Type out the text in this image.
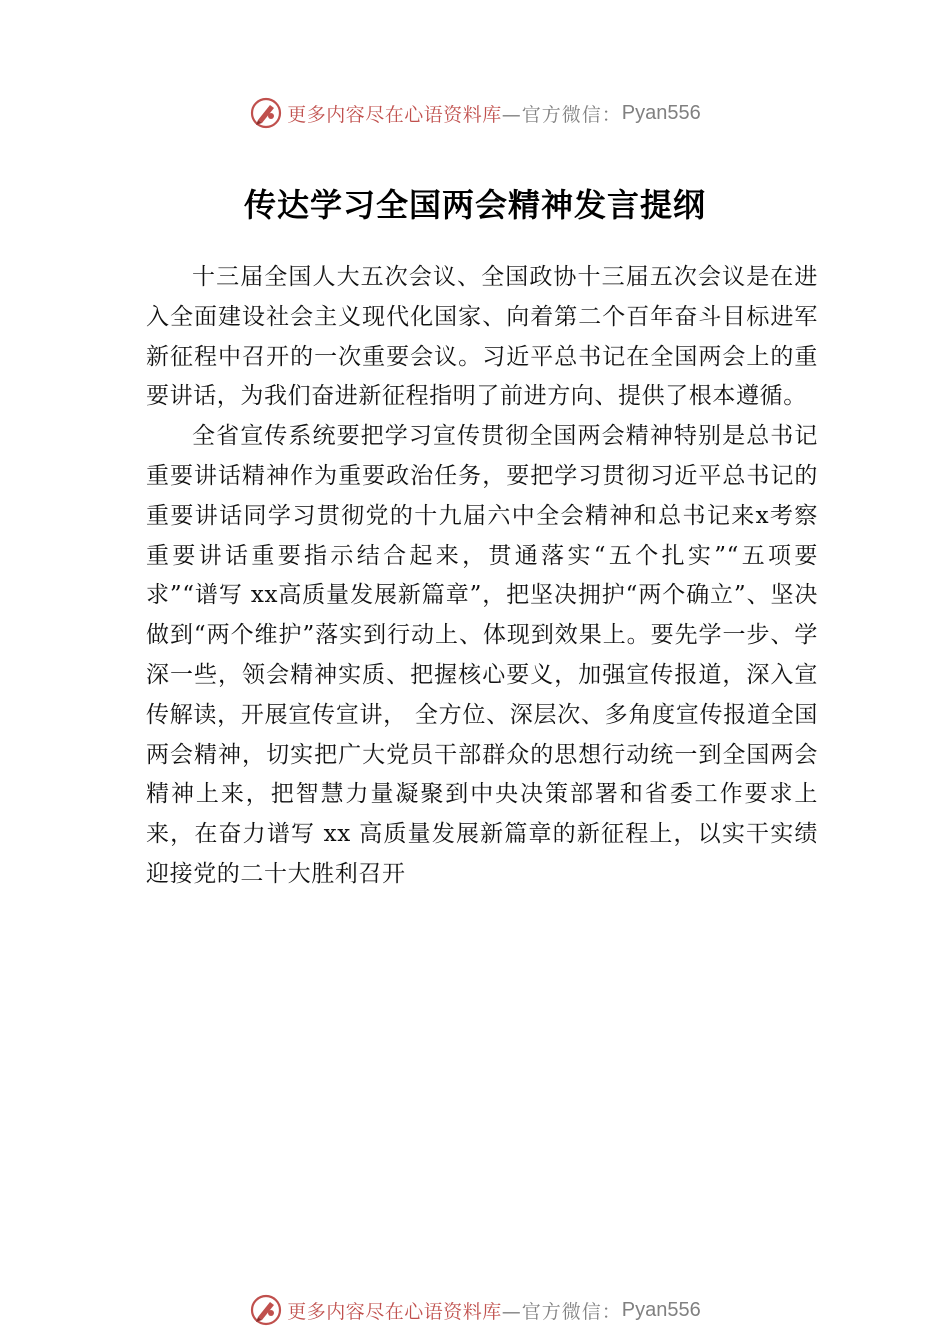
更多内容尽在心语资料库 —官方微信： Pyan556
传达学习全国两会精神发言提纲

十三届全国人大五次会议、全国政协十三届五次会议是在进入全面建设社会主义现代化国家、向着第二个百年奋斗目标进军新征程中召开的一次重要会议。习近平总书记在全国两会上的重要讲话，为我们奋进新征程指明了前进方向、提供了根本遵循。

全省宣传系统要把学习宣传贯彻全国两会精神特别是总书记重要讲话精神作为重要政治任务，要把学习贯彻习近平总书记的重要讲话同学习贯彻党的十九届六中全会精神和总书记来x考察重要讲话重要指示结合起来，贯通落实“五个扎实”“五项要求”“谱写 xx高质量发展新篇章”，把坚决拥护“两个确立”、坚决做到“两个维护”落实到行动上、体现到效果上。要先学一步、学深一些，领会精神实质、把握核心要义，加强宣传报道，深入宣传解读，开展宣传宣讲， 全方位、深层次、多角度宣传报道全国两会精神，切实把广大党员干部群众的思想行动统一到全国两会精神上来，把智慧力量凝聚到中央决策部署和省委工作要求上来，在奋力谱写 xx 高质量发展新篇章的新征程上，以实干实绩迎接党的二十大胜利召开

更多内容尽在心语资料库 —官方微信： Pyan556
